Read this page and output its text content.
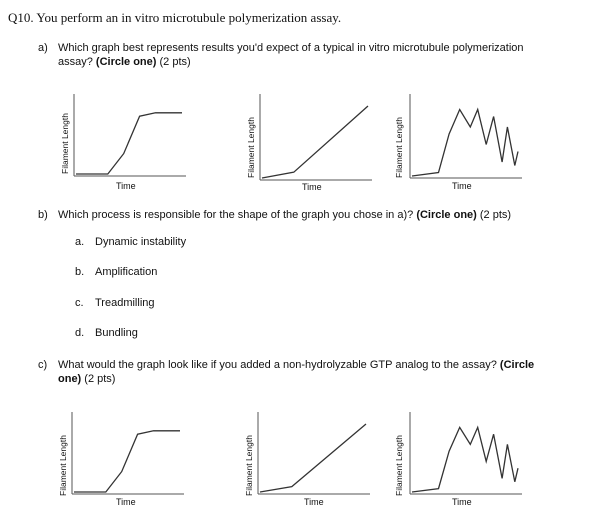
Q10. You perform an in vitro microtubule polymerization assay.
a) Which graph best represents results you'd expect of a typical in vitro microtubule polymerization
assay? (Circle one) (2 pts)
Filament Length
Time
Filament Length
Time
Filament Length
Time
b) Which process is responsible for the shape of the graph you chose in a)? (Circle one) (2 pts)
a. Dynamic instability
b. Amplification
c. Treadmilling
d. Bundling
c) What would the graph look like if you added a non-hydrolyzable GTP analog to the assay? (Circle
one) (2 pts)
Filament Length
Time
Filament Length
Time
Filament Length
Time
